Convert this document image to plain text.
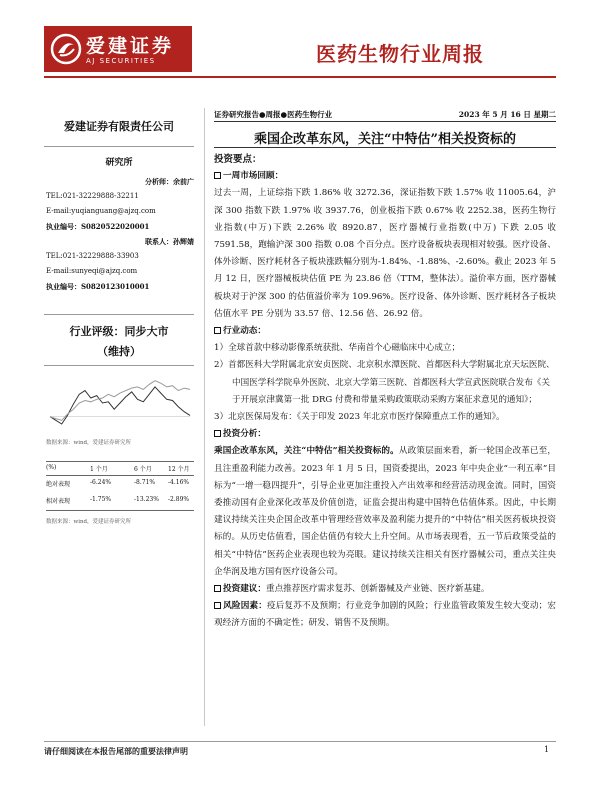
爱建证券
AJ SECURITIES	医药生物行业周报
证券研究报告●周报●医药生物行业	2023 年 5 月 16 日 星期二
乘国企改革东风，关注“中特估”相关投资标的
爱建证券有限责任公司
研究所
分析师：余前广
TEL:021-32229888-32211
E-mail:yuqianguang@ajzq.com
执业编号：S0820522020001
联系人：孙辉婧
TEL:021-32229888-33903
E-mail:sunyeqi@ajzq.com
执业编号：S0820123010001
行业评级：同步大市
（维持）
数据来源：wind，爱建证券研究所
(%)	1 个月	6 个月	12 个月
绝对表现	-6.24%	-8.71% -4.16%
相对表现	-1.75%	-13.23% -2.89%
数据来源：wind，爱建证券研究所
投资要点：
一周市场回顾：
过去一周，上证综指下跌 1.86% 收 3272.36，深证指数下跌 1.57% 收 11005.64，沪深 300 指数下跌 1.97% 收 3937.76，创业板指下跌 0.67% 收 2252.38，医药生物行业指数(中万)下跌 2.26% 收 8920.87，医疗器械行业指数(中万) 下跌 2.05 收 7591.58，跑输沪深 300 指数 0.08 个百分点。医疗设备板块表现相对较强。医疗设备、体外诊断、医疗耗材各子板块涨跌幅分别为-1.84%、-1.88%、-2.60%。截止 2023 年 5 月 12 日，医疗器械板块估值 PE 为 23.86 倍（TTM，整体法）。溢价率方面，医疗器械板块对于沪深 300 的估值溢价率为 109.96%。医疗设备、体外诊断、医疗耗材各子板块估值水平 PE 分别为 33.57 倍、12.56 倍、26.92 倍。
行业动态：
1）全球首款中移动影像系统获批、华南首个心磁临床中心成立；
2）首都医科大学附属北京安贞医院、北京积水潭医院、首都医科大学附属北京天坛医院、中国医学科学院阜外医院、北京大学第三医院、首都医科大学宣武医院联合发布《关于开展京津冀第一批 DRG 付费和带量采购政策联动采购方案征求意见的通知》；
3）北京医保局发布：《关于印发 2023 年北京市医疗保障重点工作的通知》。
投资分析：
乘国企改革东风，关注“中特估”相关投资标的。从政策层面来看，新一轮国企改革已至，且注重盈利能力改善。2023 年 1 月 5 日，国资委提出，2023 年中央企业“一利五率”目标为“一增一稳四提升”，引导企业更加注重投入产出效率和经营活动现金流。同时，国资委推动国有企业深化改革及价值创造，证监会提出构建中国特色估值体系。因此，中长期建议持续关注央企国企改革中管理经营效率及盈利能力提升的“中特估”相关医药板块投资标的。从历史估值看，国企估值仍有较大上升空间。从市场表现看，五一节后政策受益的相关“中特估”医药企业表现也较为亮眼。建议持续关注相关有医疗器械公司，重点关注央企华润及地方国有医疗设备公司。
投资建议：重点推荐医疗需求复苏、创新器械及产业链、医疗新基建。
风险因素：疫后复苏不及预期；行业竞争加剧的风险；行业监管政策发生较大变动；宏观经济方面的不确定性；研发、销售不及预期。
请仔细阅读在本报告尾部的重要法律声明	1
